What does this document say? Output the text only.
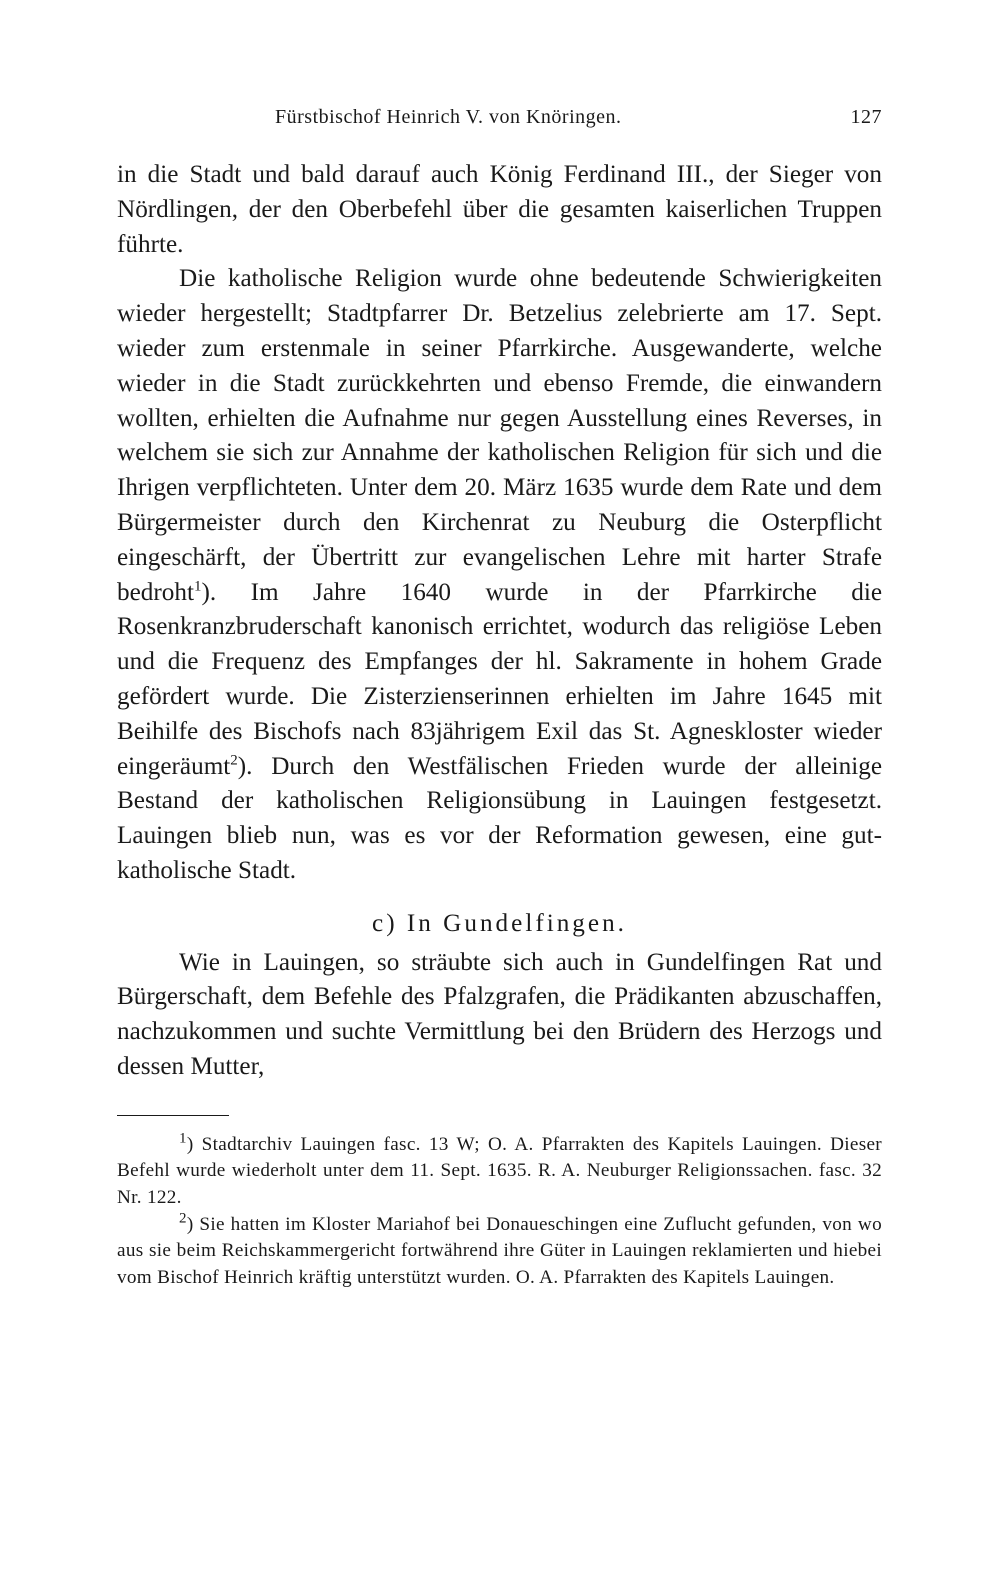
Fürstbischof Heinrich V. von Knöringen.	127

in die Stadt und bald darauf auch König Ferdinand III., der Sieger von Nördlingen, der den Oberbefehl über die gesamten kaiserlichen Truppen führte.

Die katholische Religion wurde ohne bedeutende Schwierigkeiten wieder hergestellt; Stadtpfarrer Dr. Betzelius zelebrierte am 17. Sept. wieder zum erstenmale in seiner Pfarrkirche. Ausgewanderte, welche wieder in die Stadt zurückkehrten und ebenso Fremde, die einwandern wollten, erhielten die Aufnahme nur gegen Ausstellung eines Reverses, in welchem sie sich zur Annahme der katholischen Religion für sich und die Ihrigen verpflichteten. Unter dem 20. März 1635 wurde dem Rate und dem Bürgermeister durch den Kirchenrat zu Neuburg die Osterpflicht eingeschärft, der Übertritt zur evangelischen Lehre mit harter Strafe bedroht$^1$). Im Jahre 1640 wurde in der Pfarrkirche die Rosenkranzbruderschaft kanonisch errichtet, wodurch das religiöse Leben und die Frequenz des Empfanges der hl. Sakramente in hohem Grade gefördert wurde. Die Zisterzienserinnen erhielten im Jahre 1645 mit Beihilfe des Bischofs nach 83jährigem Exil das St. Agneskloster wieder eingeräumt$^2$). Durch den Westfälischen Frieden wurde der alleinige Bestand der katholischen Religionsübung in Lauingen festgesetzt. Lauingen blieb nun, was es vor der Reformation gewesen, eine gut-katholische Stadt.

c) In Gundelfingen.

Wie in Lauingen, so sträubte sich auch in Gundelfingen Rat und Bürgerschaft, dem Befehle des Pfalzgrafen, die Prädikanten abzuschaffen, nachzukommen und suchte Vermittlung bei den Brüdern des Herzogs und dessen Mutter,

$^1$) Stadtarchiv Lauingen fasc. 13 W; O. A. Pfarrakten des Kapitels Lauingen. Dieser Befehl wurde wiederholt unter dem 11. Sept. 1635. R. A. Neuburger Religionssachen. fasc. 32 Nr. 122.

$^2$) Sie hatten im Kloster Mariahof bei Donaueschingen eine Zuflucht gefunden, von wo aus sie beim Reichskammergericht fortwährend ihre Güter in Lauingen reklamierten und hiebei vom Bischof Heinrich kräftig unterstützt wurden. O. A. Pfarrakten des Kapitels Lauingen.
